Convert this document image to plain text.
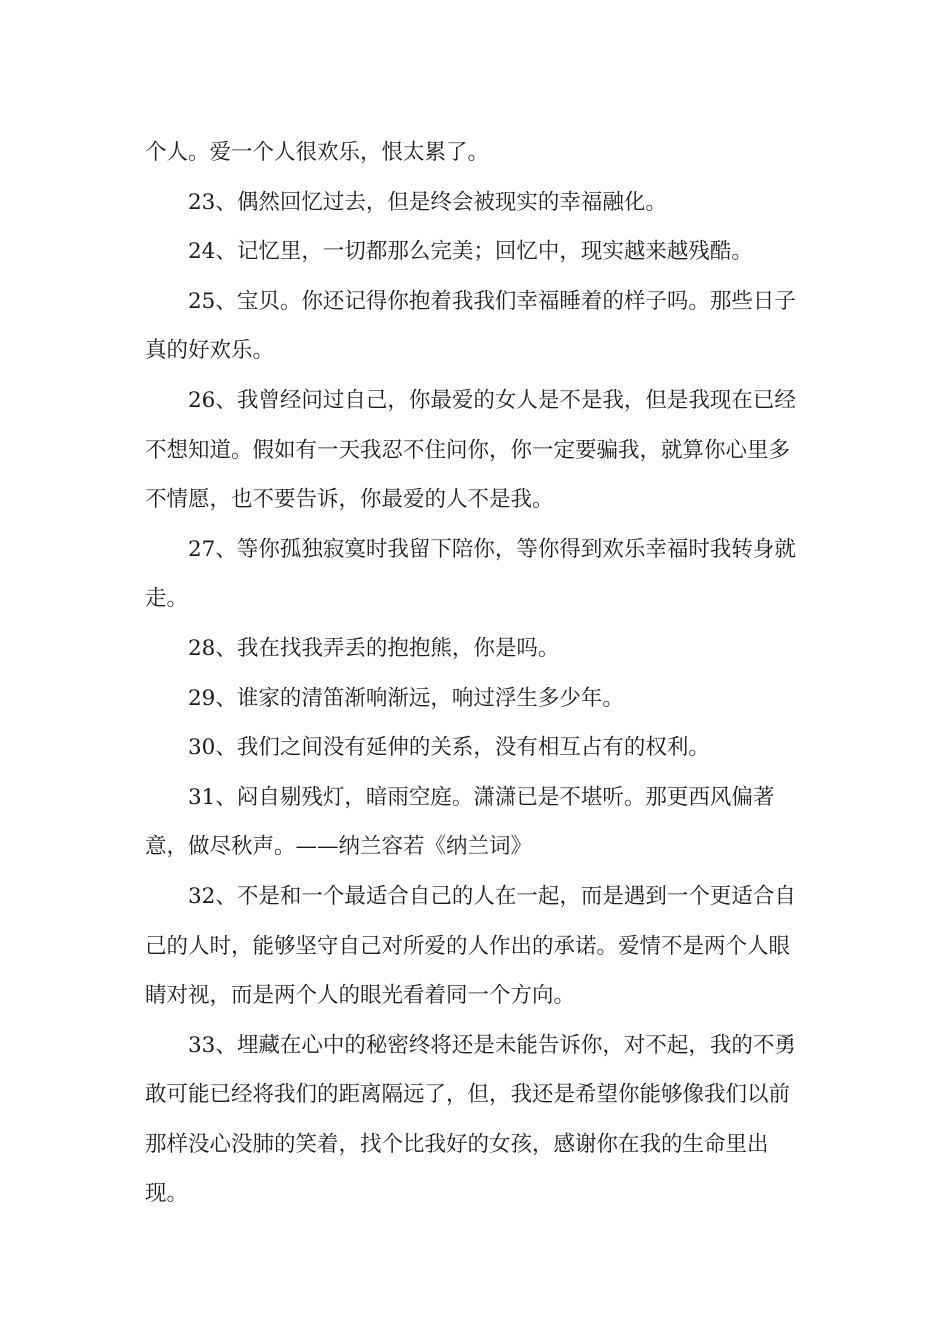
个人。爱一个人很欢乐，恨太累了。

23、偶然回忆过去，但是终会被现实的幸福融化。

24、记忆里，一切都那么完美；回忆中，现实越来越残酷。

25、宝贝。你还记得你抱着我我们幸福睡着的样子吗。那些日子真的好欢乐。

26、我曾经问过自己，你最爱的女人是不是我，但是我现在已经不想知道。假如有一天我忍不住问你，你一定要骗我，就算你心里多不情愿，也不要告诉，你最爱的人不是我。

27、等你孤独寂寞时我留下陪你，等你得到欢乐幸福时我转身就走。

28、我在找我弄丢的抱抱熊，你是吗。

29、谁家的清笛渐响渐远，响过浮生多少年。

30、我们之间没有延伸的关系，没有相互占有的权利。

31、闷自剔残灯，暗雨空庭。潇潇已是不堪听。那更西风偏著意，做尽秋声。——纳兰容若《纳兰词》

32、不是和一个最适合自己的人在一起，而是遇到一个更适合自己的人时，能够坚守自己对所爱的人作出的承诺。爱情不是两个人眼睛对视，而是两个人的眼光看着同一个方向。

33、埋藏在心中的秘密终将还是未能告诉你，对不起，我的不勇敢可能已经将我们的距离隔远了，但，我还是希望你能够像我们以前那样没心没肺的笑着，找个比我好的女孩，感谢你在我的生命里出现。
